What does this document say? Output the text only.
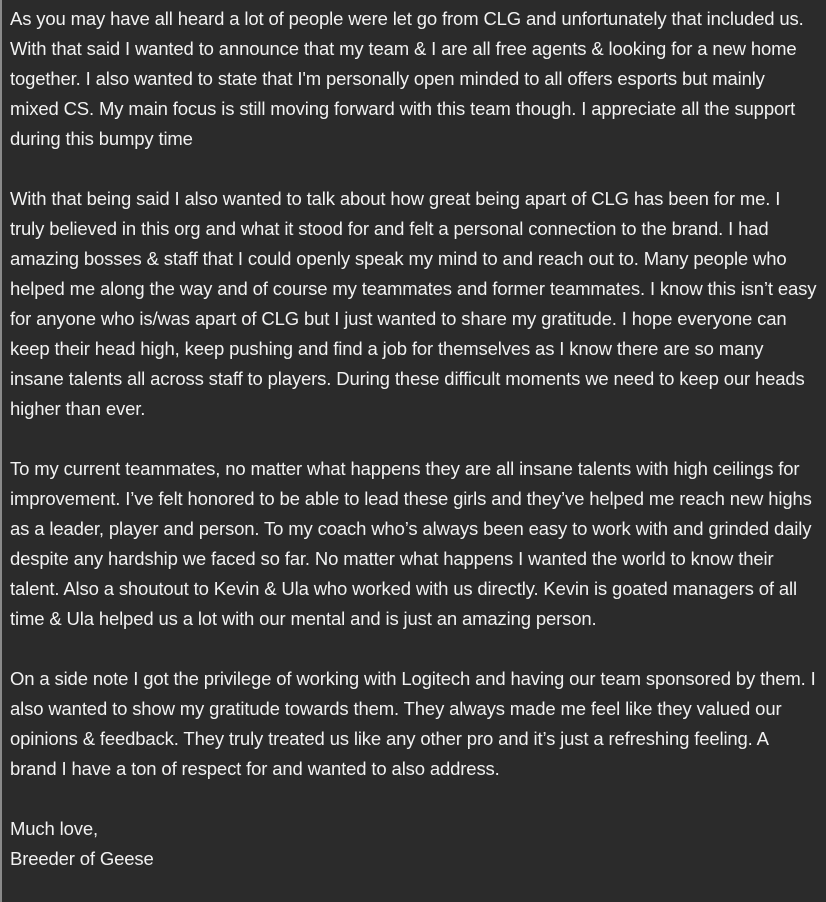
As you may have all heard a lot of people were let go from CLG and unfortunately that included us. With that said I wanted to announce that my team & I are all free agents & looking for a new home together. I also wanted to state that I'm personally open minded to all offers esports but mainly mixed CS. My main focus is still moving forward with this team though. I appreciate all the support during this bumpy time

With that being said I also wanted to talk about how great being apart of CLG has been for me. I truly believed in this org and what it stood for and felt a personal connection to the brand. I had amazing bosses & staff that I could openly speak my mind to and reach out to. Many people who helped me along the way and of course my teammates and former teammates. I know this isn’t easy for anyone who is/was apart of CLG but I just wanted to share my gratitude. I hope everyone can keep their head high, keep pushing and find a job for themselves as I know there are so many insane talents all across staff to players. During these difficult moments we need to keep our heads higher than ever.

To my current teammates, no matter what happens they are all insane talents with high ceilings for improvement. I’ve felt honored to be able to lead these girls and they’ve helped me reach new highs as a leader, player and person. To my coach who’s always been easy to work with and grinded daily despite any hardship we faced so far. No matter what happens I wanted the world to know their talent. Also a shoutout to Kevin & Ula who worked with us directly. Kevin is goated managers of all time & Ula helped us a lot with our mental and is just an amazing person.

On a side note I got the privilege of working with Logitech and having our team sponsored by them. I also wanted to show my gratitude towards them. They always made me feel like they valued our opinions & feedback. They truly treated us like any other pro and it’s just a refreshing feeling. A brand I have a ton of respect for and wanted to also address.

Much love,
Breeder of Geese
